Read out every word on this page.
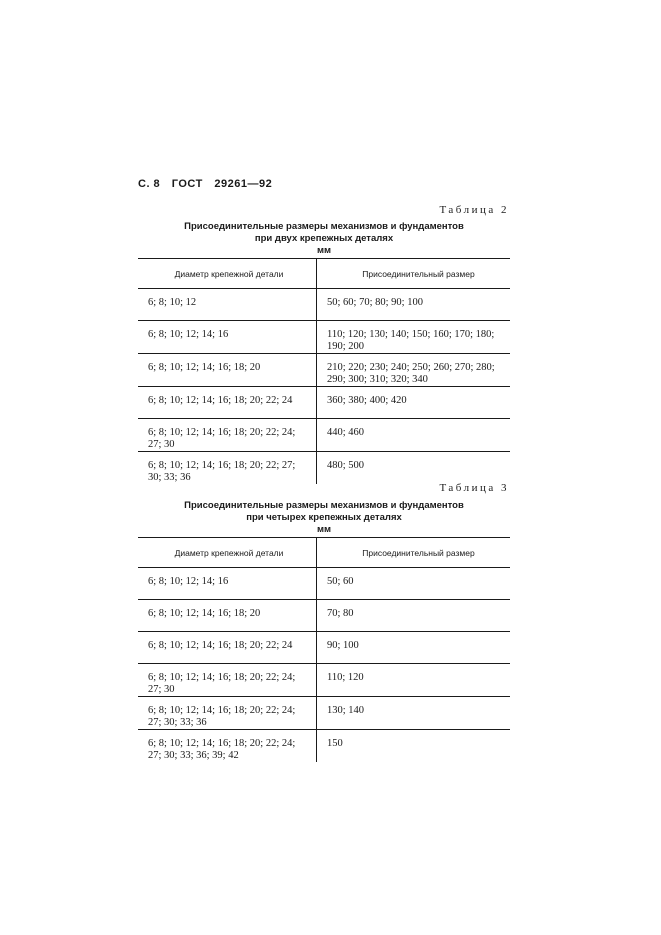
С. 8 ГОСТ 29261—92
Таблица 2
Присоединительные размеры механизмов и фундаментов
при двух крепежных деталях
мм
Диаметр крепежной детали	Присоединительный размер

6; 8; 10; 12	50; 60; 70; 80; 90; 100

6; 8; 10; 12; 14; 16	110; 120; 130; 140; 150; 160; 170; 180; 190; 200

6; 8; 10; 12; 14; 16; 18; 20	210; 220; 230; 240; 250; 260; 270; 280; 290; 300; 310; 320; 340

6; 8; 10; 12; 14; 16; 18; 20; 22; 24	360; 380; 400; 420

6; 8; 10; 12; 14; 16; 18; 20; 22; 24; 27; 30	440; 460

6; 8; 10; 12; 14; 16; 18; 20; 22; 27; 30; 33; 36	480; 500
Таблица 3
Присоединительные размеры механизмов и фундаментов
при четырех крепежных деталях
мм
Диаметр крепежной детали	Присоединительный размер

6; 8; 10; 12; 14; 16	50; 60

6; 8; 10; 12; 14; 16; 18; 20	70; 80

6; 8; 10; 12; 14; 16; 18; 20; 22; 24	90; 100

6; 8; 10; 12; 14; 16; 18; 20; 22; 24; 27; 30	110; 120

6; 8; 10; 12; 14; 16; 18; 20; 22; 24; 27; 30; 33; 36	130; 140

6; 8; 10; 12; 14; 16; 18; 20; 22; 24; 27; 30; 33; 36; 39; 42	150
